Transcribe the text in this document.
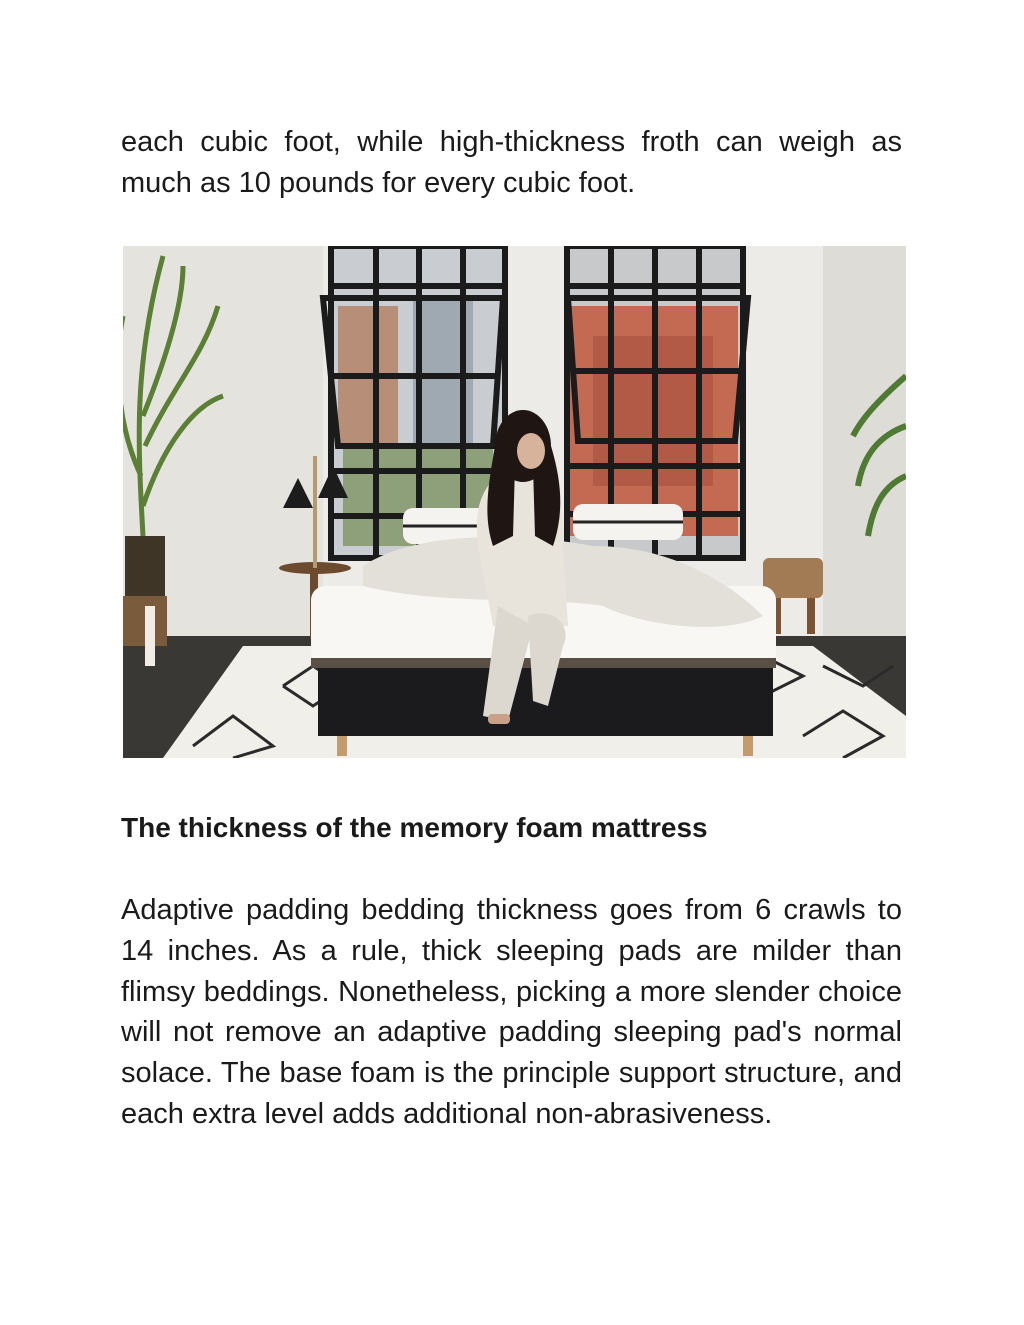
each cubic foot, while high-thickness froth can weigh as much as 10 pounds for every cubic foot.

The thickness of the memory foam mattress

Adaptive padding bedding thickness goes from 6 crawls to 14 inches. As a rule, thick sleeping pads are milder than flimsy beddings. Nonetheless, picking a more slender choice will not remove an adaptive padding sleeping pad's normal solace. The base foam is the principle support structure, and each extra level adds additional non-abrasiveness.
